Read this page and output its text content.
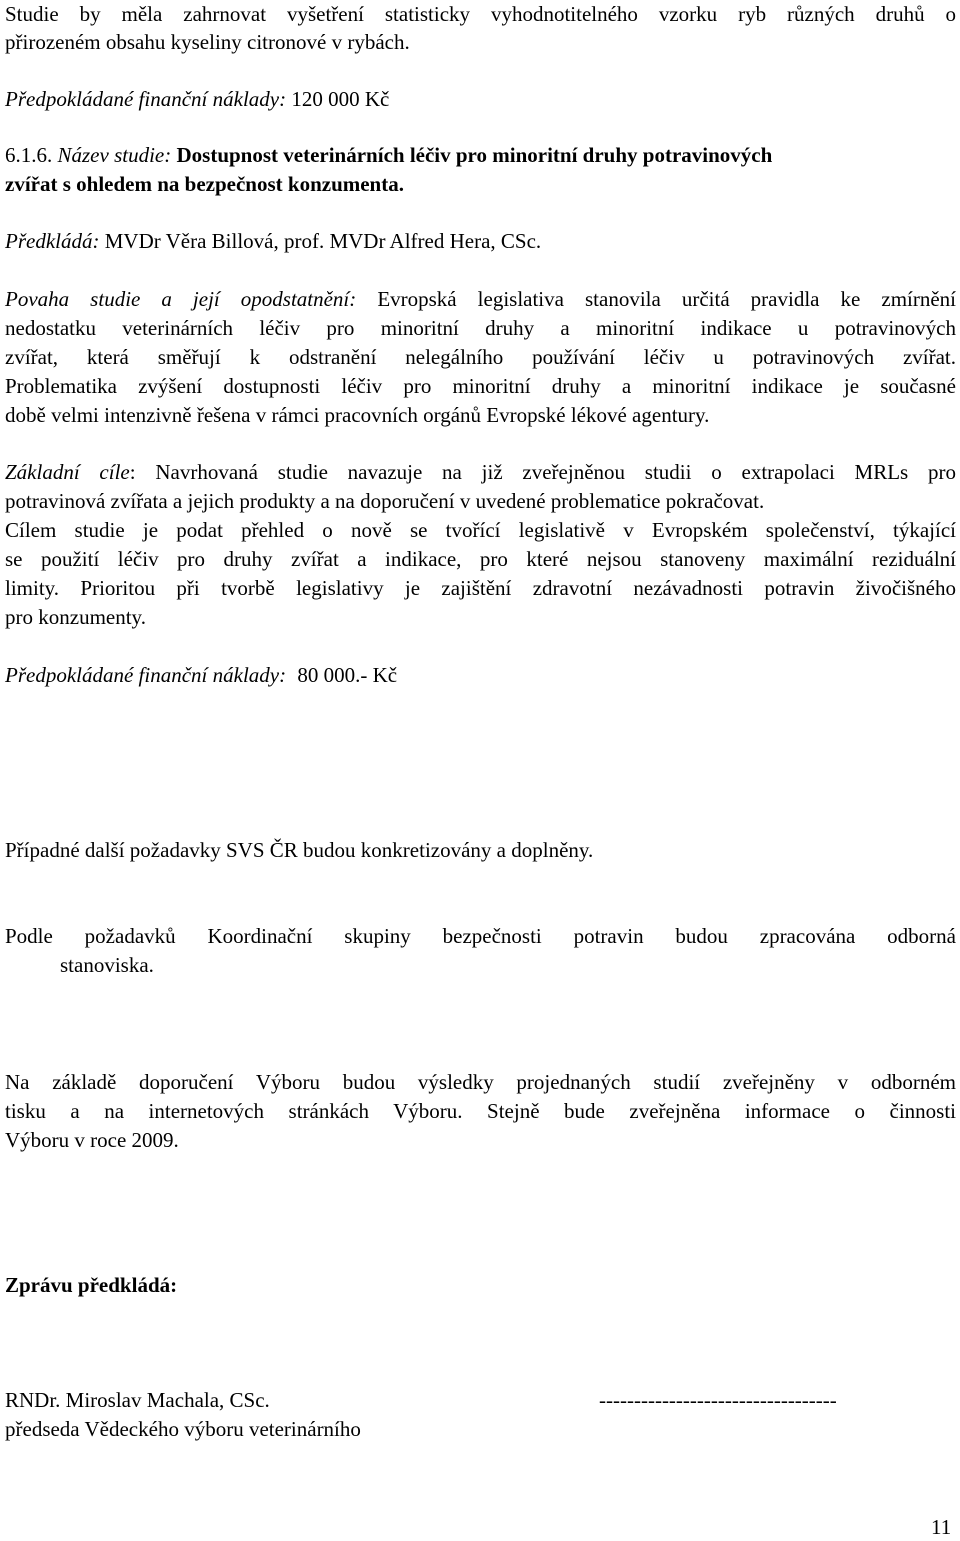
Studie by měla zahrnovat vyšetření statisticky vyhodnotitelného vzorku ryb různých druhů o
přirozeném obsahu kyseliny citronové v rybách.
Předpokládané finanční náklady: 120 000 Kč
6.1.6. Název studie: Dostupnost veterinárních léčiv pro minoritní druhy potravinových
zvířat s ohledem na bezpečnost konzumenta.
Předkládá: MVDr Věra Billová, prof. MVDr Alfred Hera, CSc.
Povaha studie a její opodstatnění: Evropská legislativa stanovila určitá pravidla ke zmírnění
nedostatku veterinárních léčiv pro minoritní druhy a minoritní indikace u potravinových
zvířat, která směřují k odstranění nelegálního používání léčiv u potravinových zvířat.
Problematika zvýšení dostupnosti léčiv pro minoritní druhy a minoritní indikace je současné
době velmi intenzivně řešena v rámci pracovních orgánů Evropské lékové agentury.
Základní cíle: Navrhovaná studie navazuje na již zveřejněnou studii o extrapolaci MRLs pro
potravinová zvířata a jejich produkty a na doporučení v uvedené problematice pokračovat.
Cílem studie je podat přehled o nově se tvořící legislativě v Evropském společenství, týkající
se použití léčiv pro druhy zvířat a indikace, pro které nejsou stanoveny maximální reziduální
limity. Prioritou při tvorbě legislativy je zajištění zdravotní nezávadnosti potravin živočišného
pro konzumenty.
Předpokládané finanční náklady: 80 000.- Kč
Případné další požadavky SVS ČR budou konkretizovány a doplněny.
Podle požadavků Koordinační skupiny bezpečnosti potravin budou zpracována odborná
stanoviska.
Na základě doporučení Výboru budou výsledky projednaných studií zveřejněny v odborném
tisku a na internetových stránkách Výboru. Stejně bude zveřejněna informace o činnosti
Výboru v roce 2009.
Zprávu předkládá:
RNDr. Miroslav Machala, CSc.	----------------------------------
předseda Vědeckého výboru veterinárního
11
